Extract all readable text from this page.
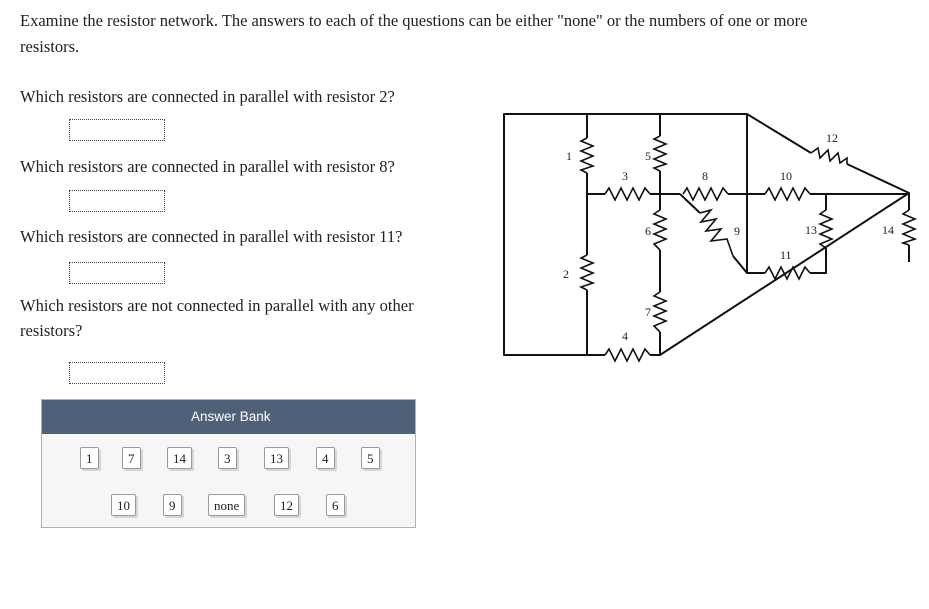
Examine the resistor network. The answers to each of the questions can be either "none" or the numbers of one or more resistors.

Which resistors are connected in parallel with resistor 2?

Which resistors are connected in parallel with resistor 8?

Which resistors are connected in parallel with resistor 11?

Which resistors are not connected in parallel with any other resistors?

Answer Bank
1	7	14	3	13	4	5
10	9	none	12	6
1
2
3
4
5
6
7
8
9
10
11
12
13	14
